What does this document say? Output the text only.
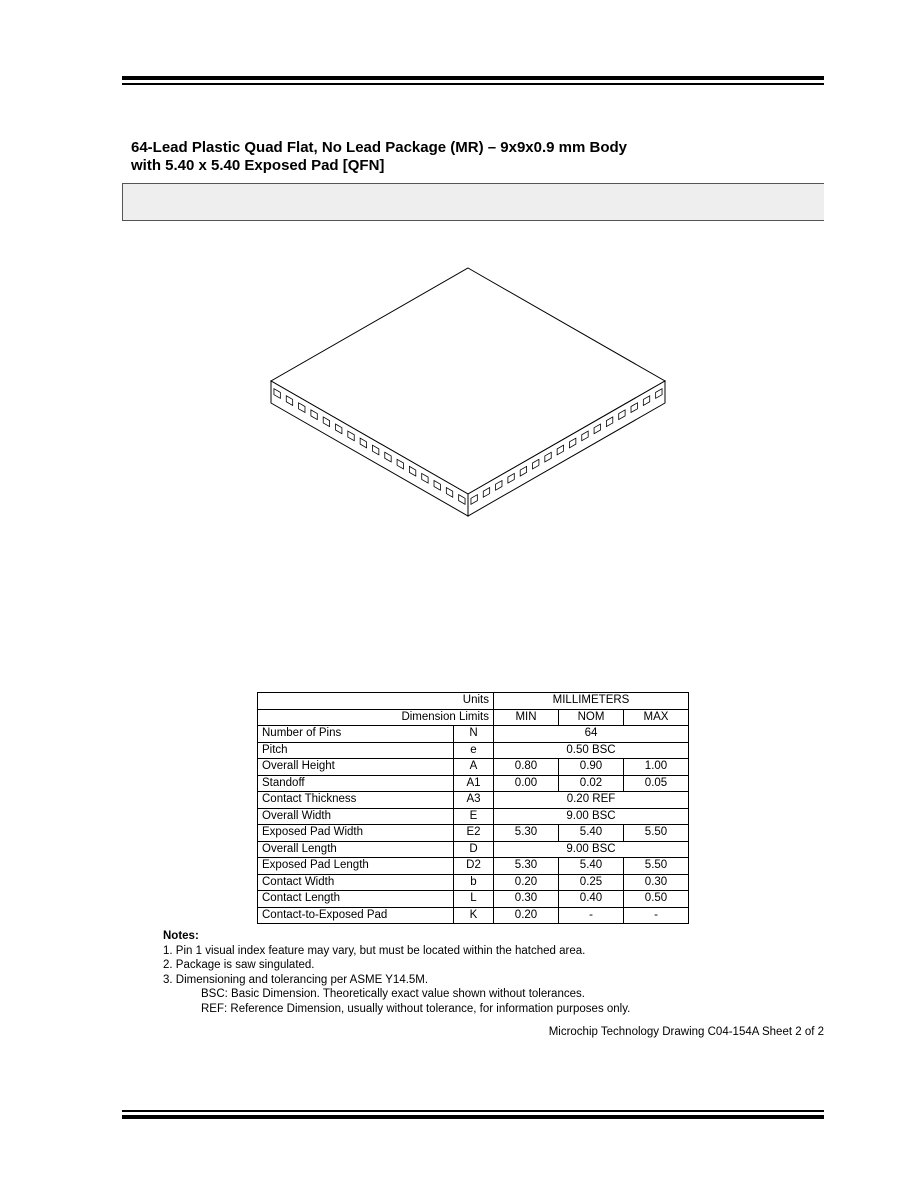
64-Lead Plastic Quad Flat, No Lead Package (MR) – 9x9x0.9 mm Body
with 5.40 x 5.40 Exposed Pad [QFN]
Units		MILLIMETERS		
Dimension Limits		MIN	NOM	MAX
Number of Pins	N	64		
Pitch	e	0.50 BSC		
Overall Height	A	0.80	0.90	1.00
Standoff	A1	0.00	0.02	0.05
Contact Thickness	A3	0.20 REF		
Overall Width	E	9.00 BSC		
Exposed Pad Width	E2	5.30	5.40	5.50
Overall Length	D	9.00 BSC		
Exposed Pad Length	D2	5.30	5.40	5.50
Contact Width	b	0.20	0.25	0.30
Contact Length	L	0.30	0.40	0.50
Contact-to-Exposed Pad	K	0.20	-	-
Notes:
1. Pin 1 visual index feature may vary, but must be located within the hatched area.
2. Package is saw singulated.
3. Dimensioning and tolerancing per ASME Y14.5M.
BSC: Basic Dimension. Theoretically exact value shown without tolerances.
REF: Reference Dimension, usually without tolerance, for information purposes only.
Microchip Technology Drawing C04-154A Sheet 2 of 2
